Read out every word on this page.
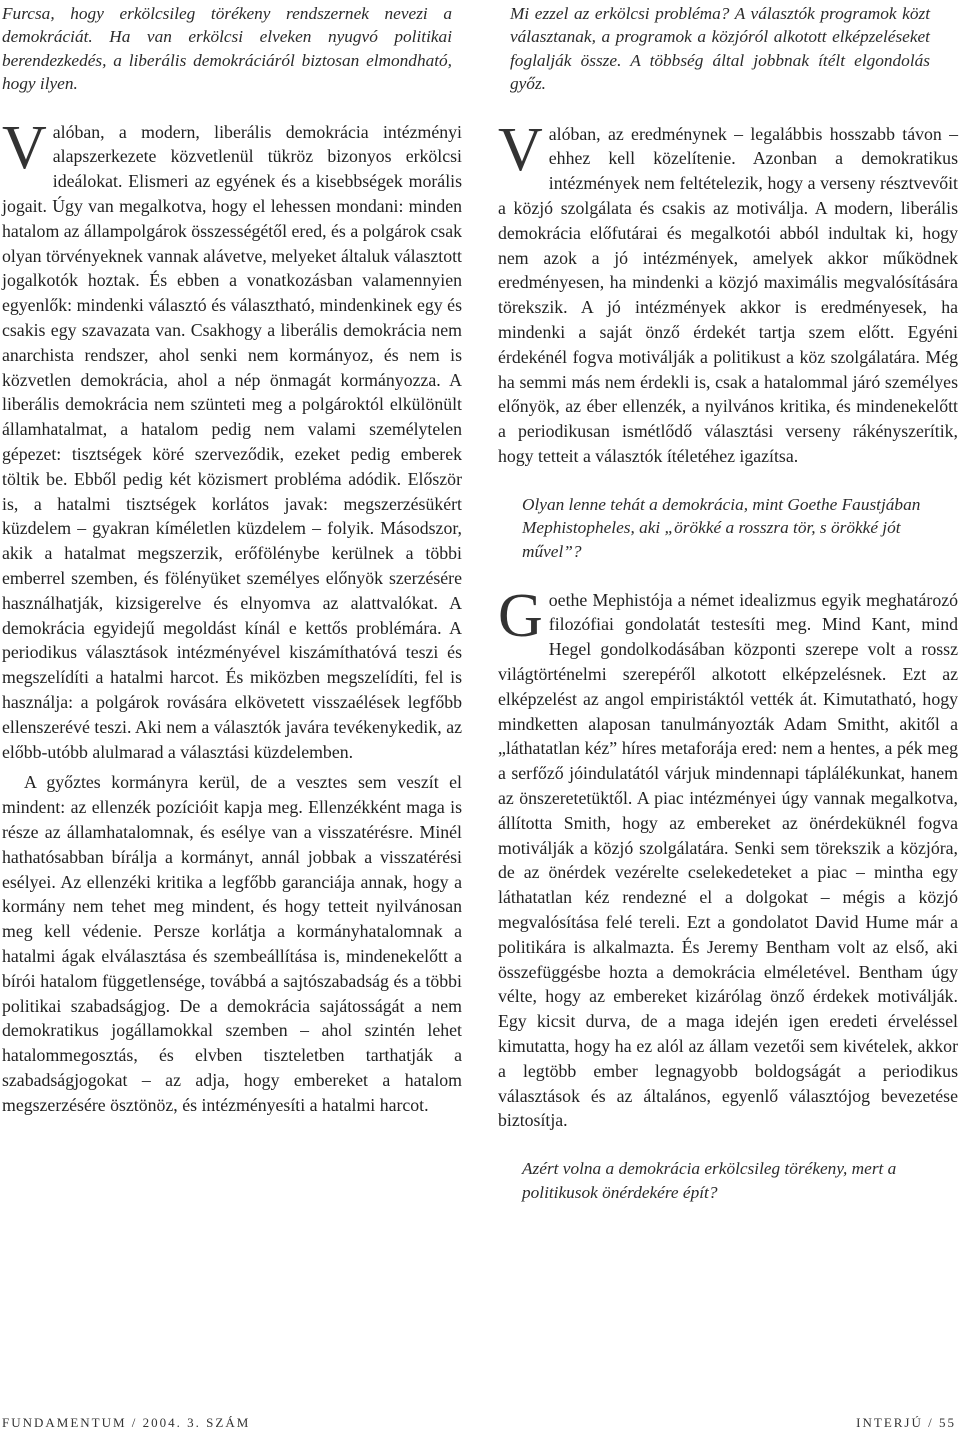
Furcsa, hogy erkölcsileg törékeny rendszernek nevezi a demokráciát. Ha van erkölcsi elveken nyugvó politikai berendezkedés, a liberális demokráciáról biztosan elmondható, hogy ilyen.

Valóban, a modern, liberális demokrácia intézményi alapszerkezete közvetlenül tükröz bizonyos erkölcsi ideálokat. Elismeri az egyének és a kisebbségek morális jogait. Úgy van megalkotva, hogy el lehessen mondani: minden hatalom az állampolgárok összességétől ered, és a polgárok csak olyan törvényeknek vannak alávetve, melyeket általuk választott jogalkotók hoztak. És ebben a vonatkozásban valamennyien egyenlők: mindenki választó és választható, mindenkinek egy és csakis egy szavazata van. Csakhogy a liberális demokrácia nem anarchista rendszer, ahol senki nem kormányoz, és nem is közvetlen demokrácia, ahol a nép önmagát kormányozza. A liberális demokrácia nem szünteti meg a polgároktól elkülönült államhatalmat, a hatalom pedig nem valami személytelen gépezet: tisztségek köré szerveződik, ezeket pedig emberek töltik be. Ebből pedig két közismert probléma adódik. Először is, a hatalmi tisztségek korlátos javak: megszerzésükért küzdelem – gyakran kíméletlen küzdelem – folyik. Másodszor, akik a hatalmat megszerzik, erőfölénybe kerülnek a többi emberrel szemben, és fölényüket személyes előnyök szerzésére használhatják, kizsigerelve és elnyomva az alattvalókat. A demokrácia egyidejű megoldást kínál e kettős problémára. A periodikus választások intézményével kiszámíthatóvá teszi és megszelídíti a hatalmi harcot. És miközben megszelídíti, fel is használja: a polgárok rovására elkövetett visszaélések legfőbb ellenszerévé teszi. Aki nem a választók javára tevékenykedik, az előbb-utóbb alulmarad a választási küzdelemben.

A győztes kormányra kerül, de a vesztes sem veszít el mindent: az ellenzék pozícióit kapja meg. Ellenzékként maga is része az államhatalomnak, és esélye van a visszatérésre. Minél hathatósabban bírálja a kormányt, annál jobbak a visszatérési esélyei. Az ellenzéki kritika a legfőbb garanciája annak, hogy a kormány nem tehet meg mindent, és hogy tetteit nyilvánosan meg kell védenie. Persze korlátja a kormányhatalomnak a hatalmi ágak elválasztása és szembeállítása is, mindenekelőtt a bírói hatalom függetlensége, továbbá a sajtószabadság és a többi politikai szabadságjog. De a demokrácia sajátosságát a nem demokratikus jogállamokkal szemben – ahol szintén lehet hatalommegosztás, és elvben tiszteletben tarthatják a szabadságjogokat – az adja, hogy embereket a hatalom megszerzésére ösztönöz, és intézményesíti a hatalmi harcot.

Mi ezzel az erkölcsi probléma? A választók programok közt választanak, a programok a közjóról alkotott elképzeléseket foglalják össze. A többség által jobbnak ítélt elgondolás győz.

Valóban, az eredménynek – legalábbis hosszabb távon – ehhez kell közelítenie. Azonban a demokratikus intézmények nem feltételezik, hogy a verseny résztvevőit a közjó szolgálata és csakis az motiválja. A modern, liberális demokrácia előfutárai és megalkotói abból indultak ki, hogy nem azok a jó intézmények, amelyek akkor működnek eredményesen, ha mindenki a közjó maximális megvalósítására törekszik. A jó intézmények akkor is eredményesek, ha mindenki a saját önző érdekét tartja szem előtt. Egyéni érdekénél fogva motiválják a politikust a köz szolgálatára. Még ha semmi más nem érdekli is, csak a hatalommal járó személyes előnyök, az éber ellenzék, a nyilvános kritika, és mindenekelőtt a periodikusan ismétlődő választási verseny rákényszerítik, hogy tetteit a választók ítéletéhez igazítsa.

Olyan lenne tehát a demokrácia, mint Goethe Faustjában Mephistopheles, aki „örökké a rosszra tör, s örökké jót művel”?

Goethe Mephistója a német idealizmus egyik meghatározó filozófiai gondolatát testesíti meg. Mind Kant, mind Hegel gondolkodásában központi szerepe volt a rossz világtörténelmi szerepéről alkotott elképzelésnek. Ezt az elképzelést az angol empiristáktól vették át. Kimutatható, hogy mindketten alaposan tanulmányozták Adam Smitht, akitől a „láthatatlan kéz” híres metaforája ered: nem a hentes, a pék meg a serfőző jóindulatától várjuk mindennapi táplálékunkat, hanem az önszeretetüktől. A piac intézményei úgy vannak megalkotva, állította Smith, hogy az embereket az önérdeküknél fogva motiválják a közjó szolgálatára. Senki sem törekszik a közjóra, de az önérdek vezérelte cselekedeteket a piac – mintha egy láthatatlan kéz rendezné el a dolgokat – mégis a közjó megvalósítása felé tereli. Ezt a gondolatot David Hume már a politikára is alkalmazta. És Jeremy Bentham volt az első, aki összefüggésbe hozta a demokrácia elméletével. Bentham úgy vélte, hogy az embereket kizárólag önző érdekek motiválják. Egy kicsit durva, de a maga idején igen eredeti érveléssel kimutatta, hogy ha ez alól az állam vezetői sem kivételek, akkor a legtöbb ember legnagyobb boldogságát a periodikus választások és az általános, egyenlő választójog bevezetése biztosítja.

Azért volna a demokrácia erkölcsileg törékeny, mert a politikusok önérdekére épít?

FUNDAMENTUM / 2004. 3. SZÁM	INTERJÚ / 55
